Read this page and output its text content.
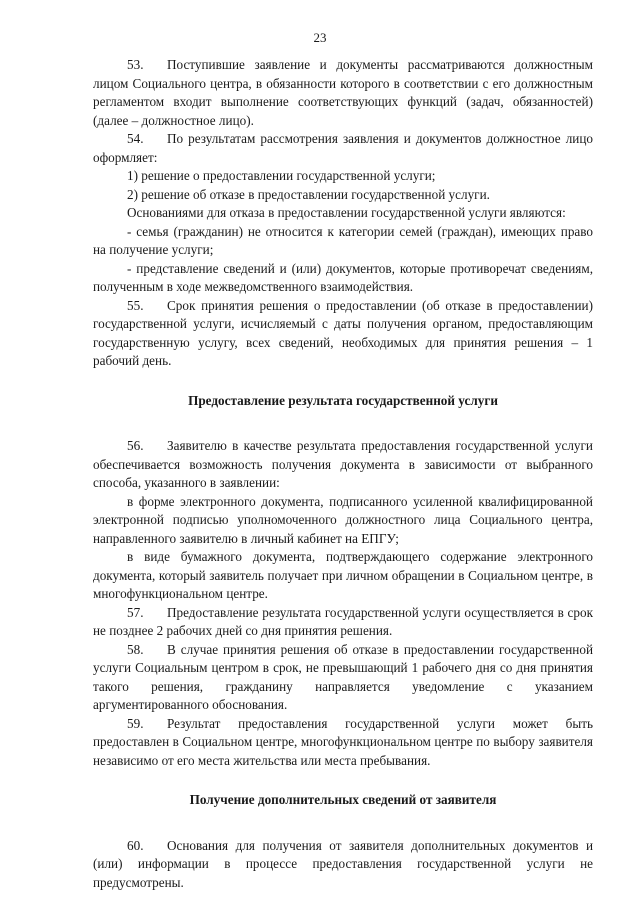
23

53. Поступившие заявление и документы рассматриваются должностным лицом Социального центра, в обязанности которого в соответствии с его должностным регламентом входит выполнение соответствующих функций (задач, обязанностей) (далее – должностное лицо).

54. По результатам рассмотрения заявления и документов должностное лицо оформляет:

1) решение о предоставлении государственной услуги;

2) решение об отказе в предоставлении государственной услуги.

Основаниями для отказа в предоставлении государственной услуги являются:

- семья (гражданин) не относится к категории семей (граждан), имеющих право на получение услуги;

- представление сведений и (или) документов, которые противоречат сведениям, полученным в ходе межведомственного взаимодействия.

55. Срок принятия решения о предоставлении (об отказе в предоставлении) государственной услуги, исчисляемый с даты получения органом, предоставляющим государственную услугу, всех сведений, необходимых для принятия решения – 1 рабочий день.

Предоставление результата государственной услуги

56. Заявителю в качестве результата предоставления государственной услуги обеспечивается возможность получения документа в зависимости от выбранного способа, указанного в заявлении:

в форме электронного документа, подписанного усиленной квалифицированной электронной подписью уполномоченного должностного лица Социального центра, направленного заявителю в личный кабинет на ЕПГУ;

в виде бумажного документа, подтверждающего содержание электронного документа, который заявитель получает при личном обращении в Социальном центре, в многофункциональном центре.

57. Предоставление результата государственной услуги осуществляется в срок не позднее 2 рабочих дней со дня принятия решения.

58. В случае принятия решения об отказе в предоставлении государственной услуги Социальным центром в срок, не превышающий 1 рабочего дня со дня принятия такого решения, гражданину направляется уведомление с указанием аргументированного обоснования.

59. Результат предоставления государственной услуги может быть предоставлен в Социальном центре, многофункциональном центре по выбору заявителя независимо от его места жительства или места пребывания.

Получение дополнительных сведений от заявителя

60. Основания для получения от заявителя дополнительных документов и (или) информации в процессе предоставления государственной услуги не предусмотрены.
